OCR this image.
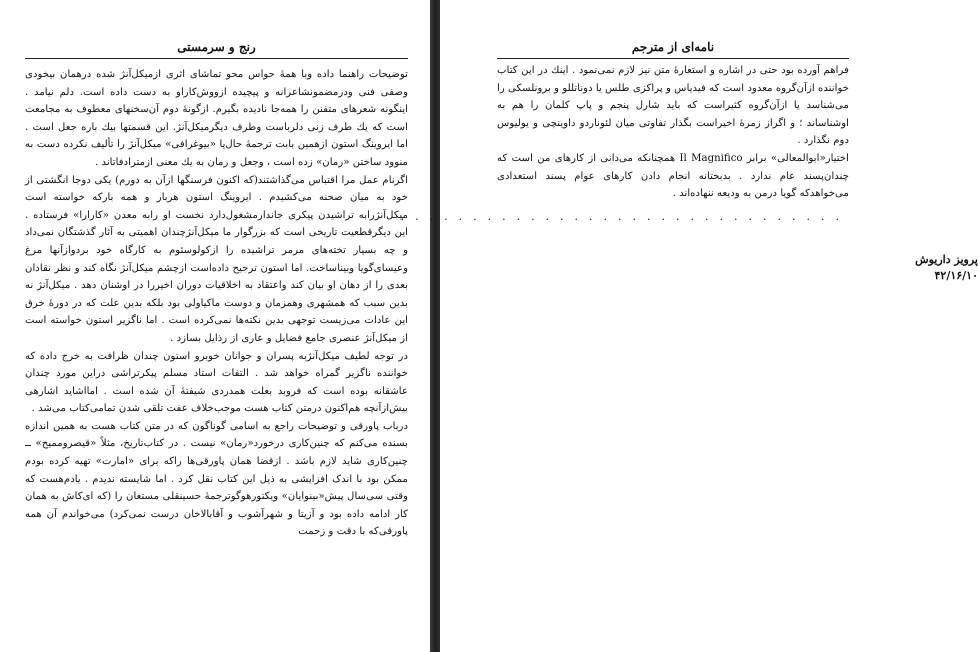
رنج و سرمستی

توضیحات راهنما داده وبا همهٔ حواس محو تماشای اثری ازمیکل‌آنژ شده درهمان بیخودی وصفی فنی ودرمضمونشاعرانه و پیچیده ازووش‌کاراو به دست داده است. دلم نیامد . اینگونه شعرهای متفنن را همه‌جا نادیده بگیرم. ازگونهٔ دوم آن‌سخنهای معطوف به مجامعت است که یك طرف زنی دلرباست وطرف دیگرمیکل‌آنژ. این قسمتها بیك باره جعل است . اما ایروینگ استون ازهمین بابت ترجمهٔ حال‌یا «بیوغرافی» میکل‌آنژ را تألیف نکرده دست به منوود ساختن «رمان» زده است ، وجعل و رمان به یك معنی ازمترادفاتاند .

اگرنام عمل مرا اقتباس می‌گذاشتند(که اکنون فرسنگها ازآن به دورم) یکی دوجا انگشتی از خود به میان صحنه می‌کشیدم . ایروینگ استون هربار و همه بارکه خواسته است میکل‌آنژرابه تراشیدن پیکری جاندارمشغول‌دارد نخست او رابه معدن «کارارا» فرستاده . این دیگرقطعیت تاریخی است که بزرگوار ما میکل‌آنژچندان اهمیتی به آثار گذشتگان نمی‌داد و چه بسیار تخته‌های مرمر تراشیده را ازکولوسئوم به کارگاه خود بردوازآنها مرغ وعیسای‌گویا وبیناساخت. اما استون ترجیح داده‌است ازچشم میکل‌آنژ نگاه کند و نظر نقادان بعدی را از دهان او بیان کند واعتقاد به اخلاقیات دوران اخیررا در اوشنان دهد . میکل‌آنژ نه بدین سبب که همشهری وهمزمان و دوست ماکیاولی بود بلکه بدین علت که در دورهٔ خرق این عادات می‌زیست توجهی بدین نکته‌ها نمی‌کرده است . اما ناگزیر استون خواسته است از میکل‌آنژ عنصری جامع فضایل و عاری از رذایل بسازد .

در توجه لطیف میکل‌آنژبه پسران و جوانان خوبرو استون چندان ظرافت به خرج داده که خواننده ناگزیر گمراه خواهد شد . التفات استاد مسلم پیکرتراشی دراین مورد چندان عاشقانه بوده است که فروبد بعلت همدردی شیفتهٔ آن شده است . امااشاید اشارهی بیش‌ازآنچه هم‌اکنون درمتن کتاب هست موجب‌خلاف عفت تلقی شدن تمامی‌کتاب می‌شد .

درباب پاورقی و توضیحات راجع به اسامی گوناگون که در متن کتاب هست به همین اندازه بسنده می‌کنم که چنین‌کاری درخورد«رمان» نیست . در کتاب‌تاریخ، مثلاً «قیصروممیح» ــ چنین‌کاری شاید لازم باشد . ازقضا همان پاورقی‌ها راکه برای «امارت» تهیه کرده بودم ممکن بود با اندک افزایشی به ذیل این کتاب نقل کرد . اما شایسته ندیدم . یادم‌هست که وقتی سی‌سال پیش«بینوایان» ویکتورهوگوترجمهٔ حسینقلی مستعان را (که ای‌کاش به همان کار ادامه داده بود و آزیتا و شهرآشوب و آقابالاخان درست نمی‌کرد) می‌خواندم آن همه پاورقی‌که با دقت و زحمت

نامه‌ای از مترجم

فراهم آورده بود حتی در اشاره و استعارهٔ متن نیز لازم نمی‌نمود . اینك در این کتاب خواننده ازآن‌گروه معدود است که فیدیاس و پراکزی طلس یا دوناتللو و برونلسکی را می‌شناسد یا ازآن‌گروه کثیراست که باید شارل پنجم و پاپ کلمان را هم به اوشناساند ؛ و اگراز زمرهٔ اخیراست بگذار تفاوتی میان لئوناردو داوینچی و یولیوس دوم نگذارد .

اختیار«ابوالمعالی» برابر Il Magnifico همچنانکه می‌دانی از کارهای من است که چندان‌پسند عام ندارد . بدبختانه انجام دادن کارهای عوام پسند استعدادی می‌خواهدکه گویا درمن به ودیعه ننهاده‌اند .

...............................
پرویز داریوش
۴۲/۱۶/۱۰
